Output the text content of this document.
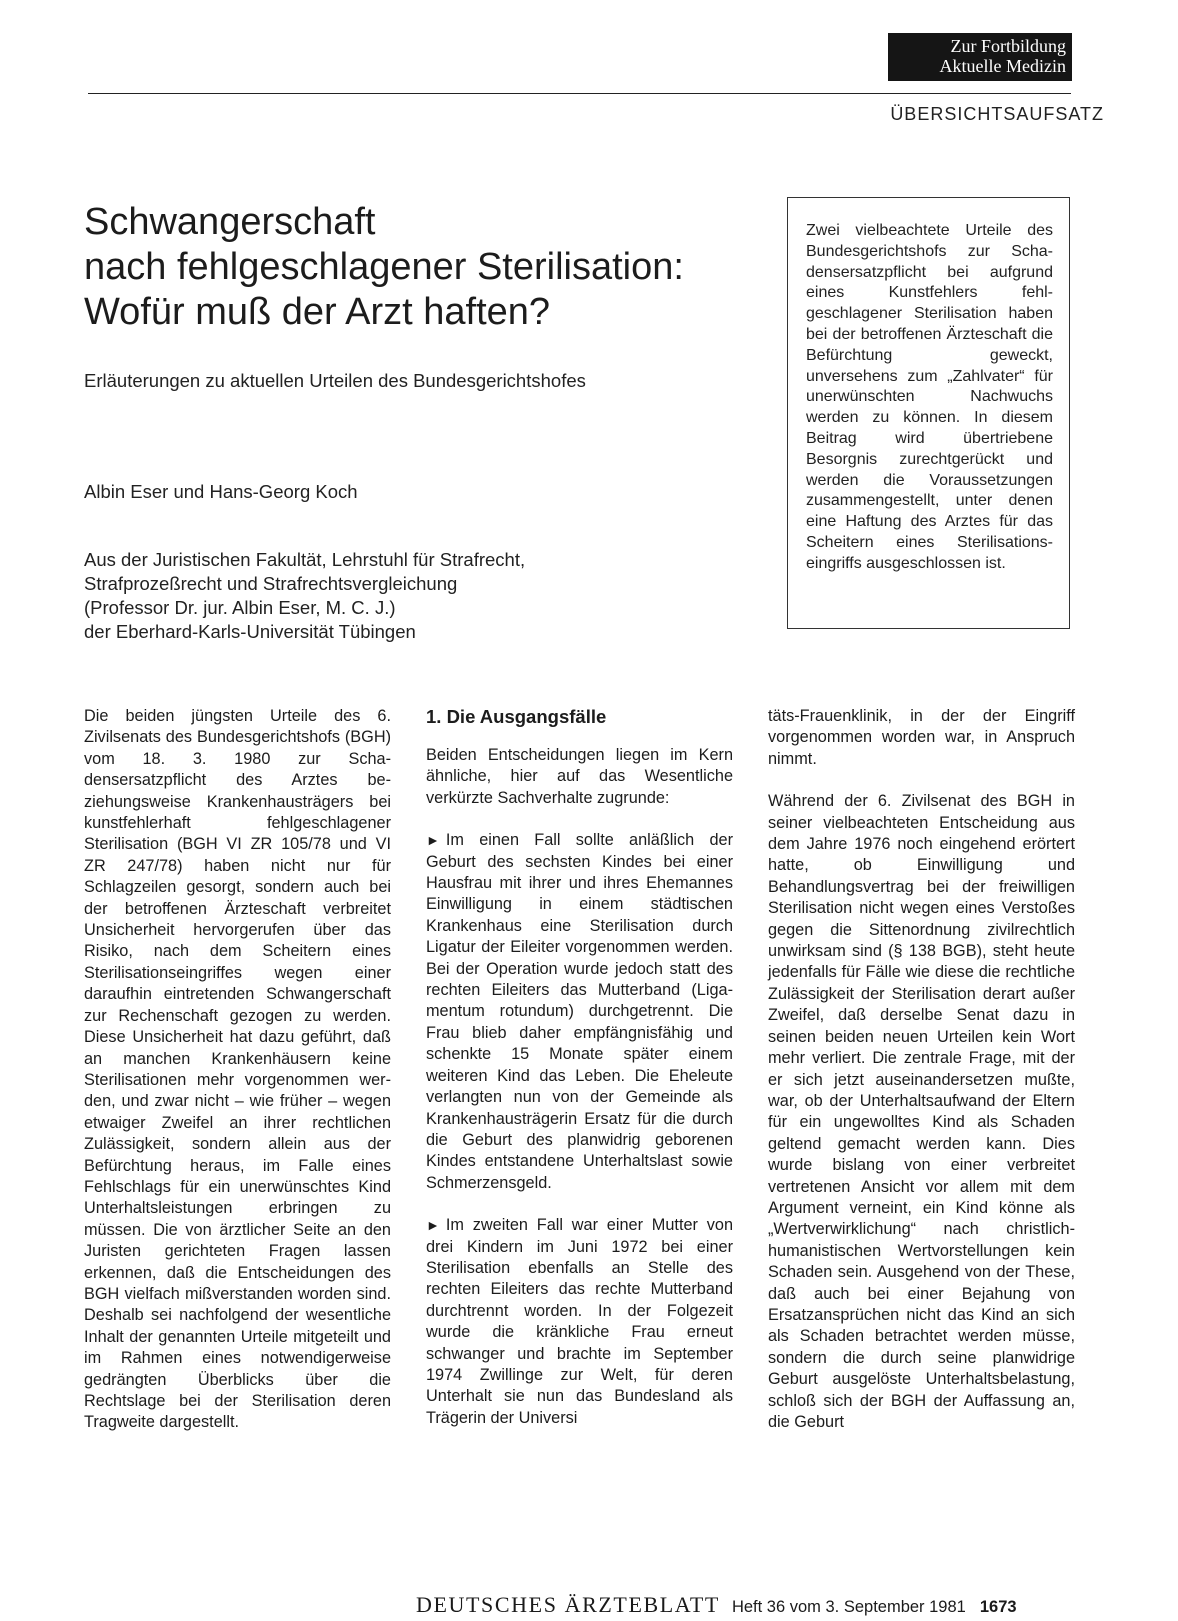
Zur Fortbildung
Aktuelle Medizin
ÜBERSICHTSAUFSATZ
Schwangerschaft
nach fehlgeschlagener Sterilisation:
Wofür muß der Arzt haften?
Erläuterungen zu aktuellen Urteilen des Bundesgerichtshofes
Albin Eser und Hans-Georg Koch
Aus der Juristischen Fakultät, Lehrstuhl für Strafrecht,
Strafprozeßrecht und Strafrechtsvergleichung
(Professor Dr. jur. Albin Eser, M. C. J.)
der Eberhard-Karls-Universität Tübingen
Zwei vielbeachtete Urteile des Bundesgerichtshofs zur Schadensersatzpflicht bei aufgrund eines Kunstfehlers fehlgeschlagener Sterilisation haben bei der betroffenen Ärzteschaft die Befürchtung geweckt, unversehens zum „Zahlvater“ für unerwünschten Nachwuchs werden zu können. In diesem Beitrag wird übertriebene Besorgnis zurechtgerückt und werden die Voraussetzungen zusammengestellt, unter denen eine Haftung des Arztes für das Scheitern eines Sterilisationseingriffs ausgeschlossen ist.

Die beiden jüngsten Urteile des 6. Zivilsenats des Bundesgerichtshofs (BGH) vom 18. 3. 1980 zur Schadensersatzpflicht des Arztes beziehungsweise Krankenhausträgers bei kunstfehlerhaft fehlgeschlagener Sterilisation (BGH VI ZR 105/78 und VI ZR 247/78) haben nicht nur für Schlagzeilen gesorgt, sondern auch bei der betroffenen Ärzteschaft verbreitet Unsicherheit hervorgerufen über das Risiko, nach dem Scheitern eines Sterilisationseingriffes wegen einer daraufhin eintretenden Schwangerschaft zur Rechenschaft gezogen zu werden. Diese Unsicherheit hat dazu geführt, daß an manchen Krankenhäusern keine Sterilisationen mehr vorgenommen werden, und zwar nicht – wie früher – wegen etwaiger Zweifel an ihrer rechtlichen Zulässigkeit, sondern allein aus der Befürchtung heraus, im Falle eines Fehlschlags für ein unerwünschtes Kind Unterhaltsleistungen erbringen zu müssen. Die von ärztlicher Seite an den Juristen gerichteten Fragen lassen erkennen, daß die Entscheidungen des BGH vielfach mißverstanden worden sind. Deshalb sei nachfolgend der wesentliche Inhalt der genannten Urteile mitgeteilt und im Rahmen eines notwendigerweise gedrängten Überblicks über die Rechtslage bei der Sterilisation deren Tragweite dargestellt.

1. Die Ausgangsfälle

Beiden Entscheidungen liegen im Kern ähnliche, hier auf das Wesentliche verkürzte Sachverhalte zugrunde:

► Im einen Fall sollte anläßlich der Geburt des sechsten Kindes bei einer Hausfrau mit ihrer und ihres Ehemannes Einwilligung in einem städtischen Krankenhaus eine Sterilisation durch Ligatur der Eileiter vorgenommen werden. Bei der Operation wurde jedoch statt des rechten Eileiters das Mutterband (Ligamentum rotundum) durchgetrennt. Die Frau blieb daher empfängnisfähig und schenkte 15 Monate später einem weiteren Kind das Leben. Die Eheleute verlangten nun von der Gemeinde als Krankenhausträgerin Ersatz für die durch die Geburt des planwidrig geborenen Kindes entstandene Unterhaltslast sowie Schmerzensgeld.

► Im zweiten Fall war einer Mutter von drei Kindern im Juni 1972 bei einer Sterilisation ebenfalls an Stelle des rechten Eileiters das rechte Mutterband durchtrennt worden. In der Folgezeit wurde die kränkliche Frau erneut schwanger und brachte im September 1974 Zwillinge zur Welt, für deren Unterhalt sie nun das Bundesland als Trägerin der Universi

täts-Frauenklinik, in der der Eingriff vorgenommen worden war, in Anspruch nimmt.

Während der 6. Zivilsenat des BGH in seiner vielbeachteten Entscheidung aus dem Jahre 1976 noch eingehend erörtert hatte, ob Einwilligung und Behandlungsvertrag bei der freiwilligen Sterilisation nicht wegen eines Verstoßes gegen die Sittenordnung zivilrechtlich unwirksam sind (§ 138 BGB), steht heute jedenfalls für Fälle wie diese die rechtliche Zulässigkeit der Sterilisation derart außer Zweifel, daß derselbe Senat dazu in seinen beiden neuen Urteilen kein Wort mehr verliert. Die zentrale Frage, mit der er sich jetzt auseinandersetzen mußte, war, ob der Unterhaltsaufwand der Eltern für ein ungewolltes Kind als Schaden geltend gemacht werden kann. Dies wurde bislang von einer verbreitet vertretenen Ansicht vor allem mit dem Argument verneint, ein Kind könne als „Wertverwirklichung“ nach christlich-humanistischen Wertvorstellungen kein Schaden sein. Ausgehend von der These, daß auch bei einer Bejahung von Ersatzansprüchen nicht das Kind an sich als Schaden betrachtet werden müsse, sondern die durch seine planwidrige Geburt ausgelöste Unterhaltsbelastung, schloß sich der BGH der Auffassung an, die Geburt

DEUTSCHES ÄRZTEBLATT Heft 36 vom 3. September 1981 1673
